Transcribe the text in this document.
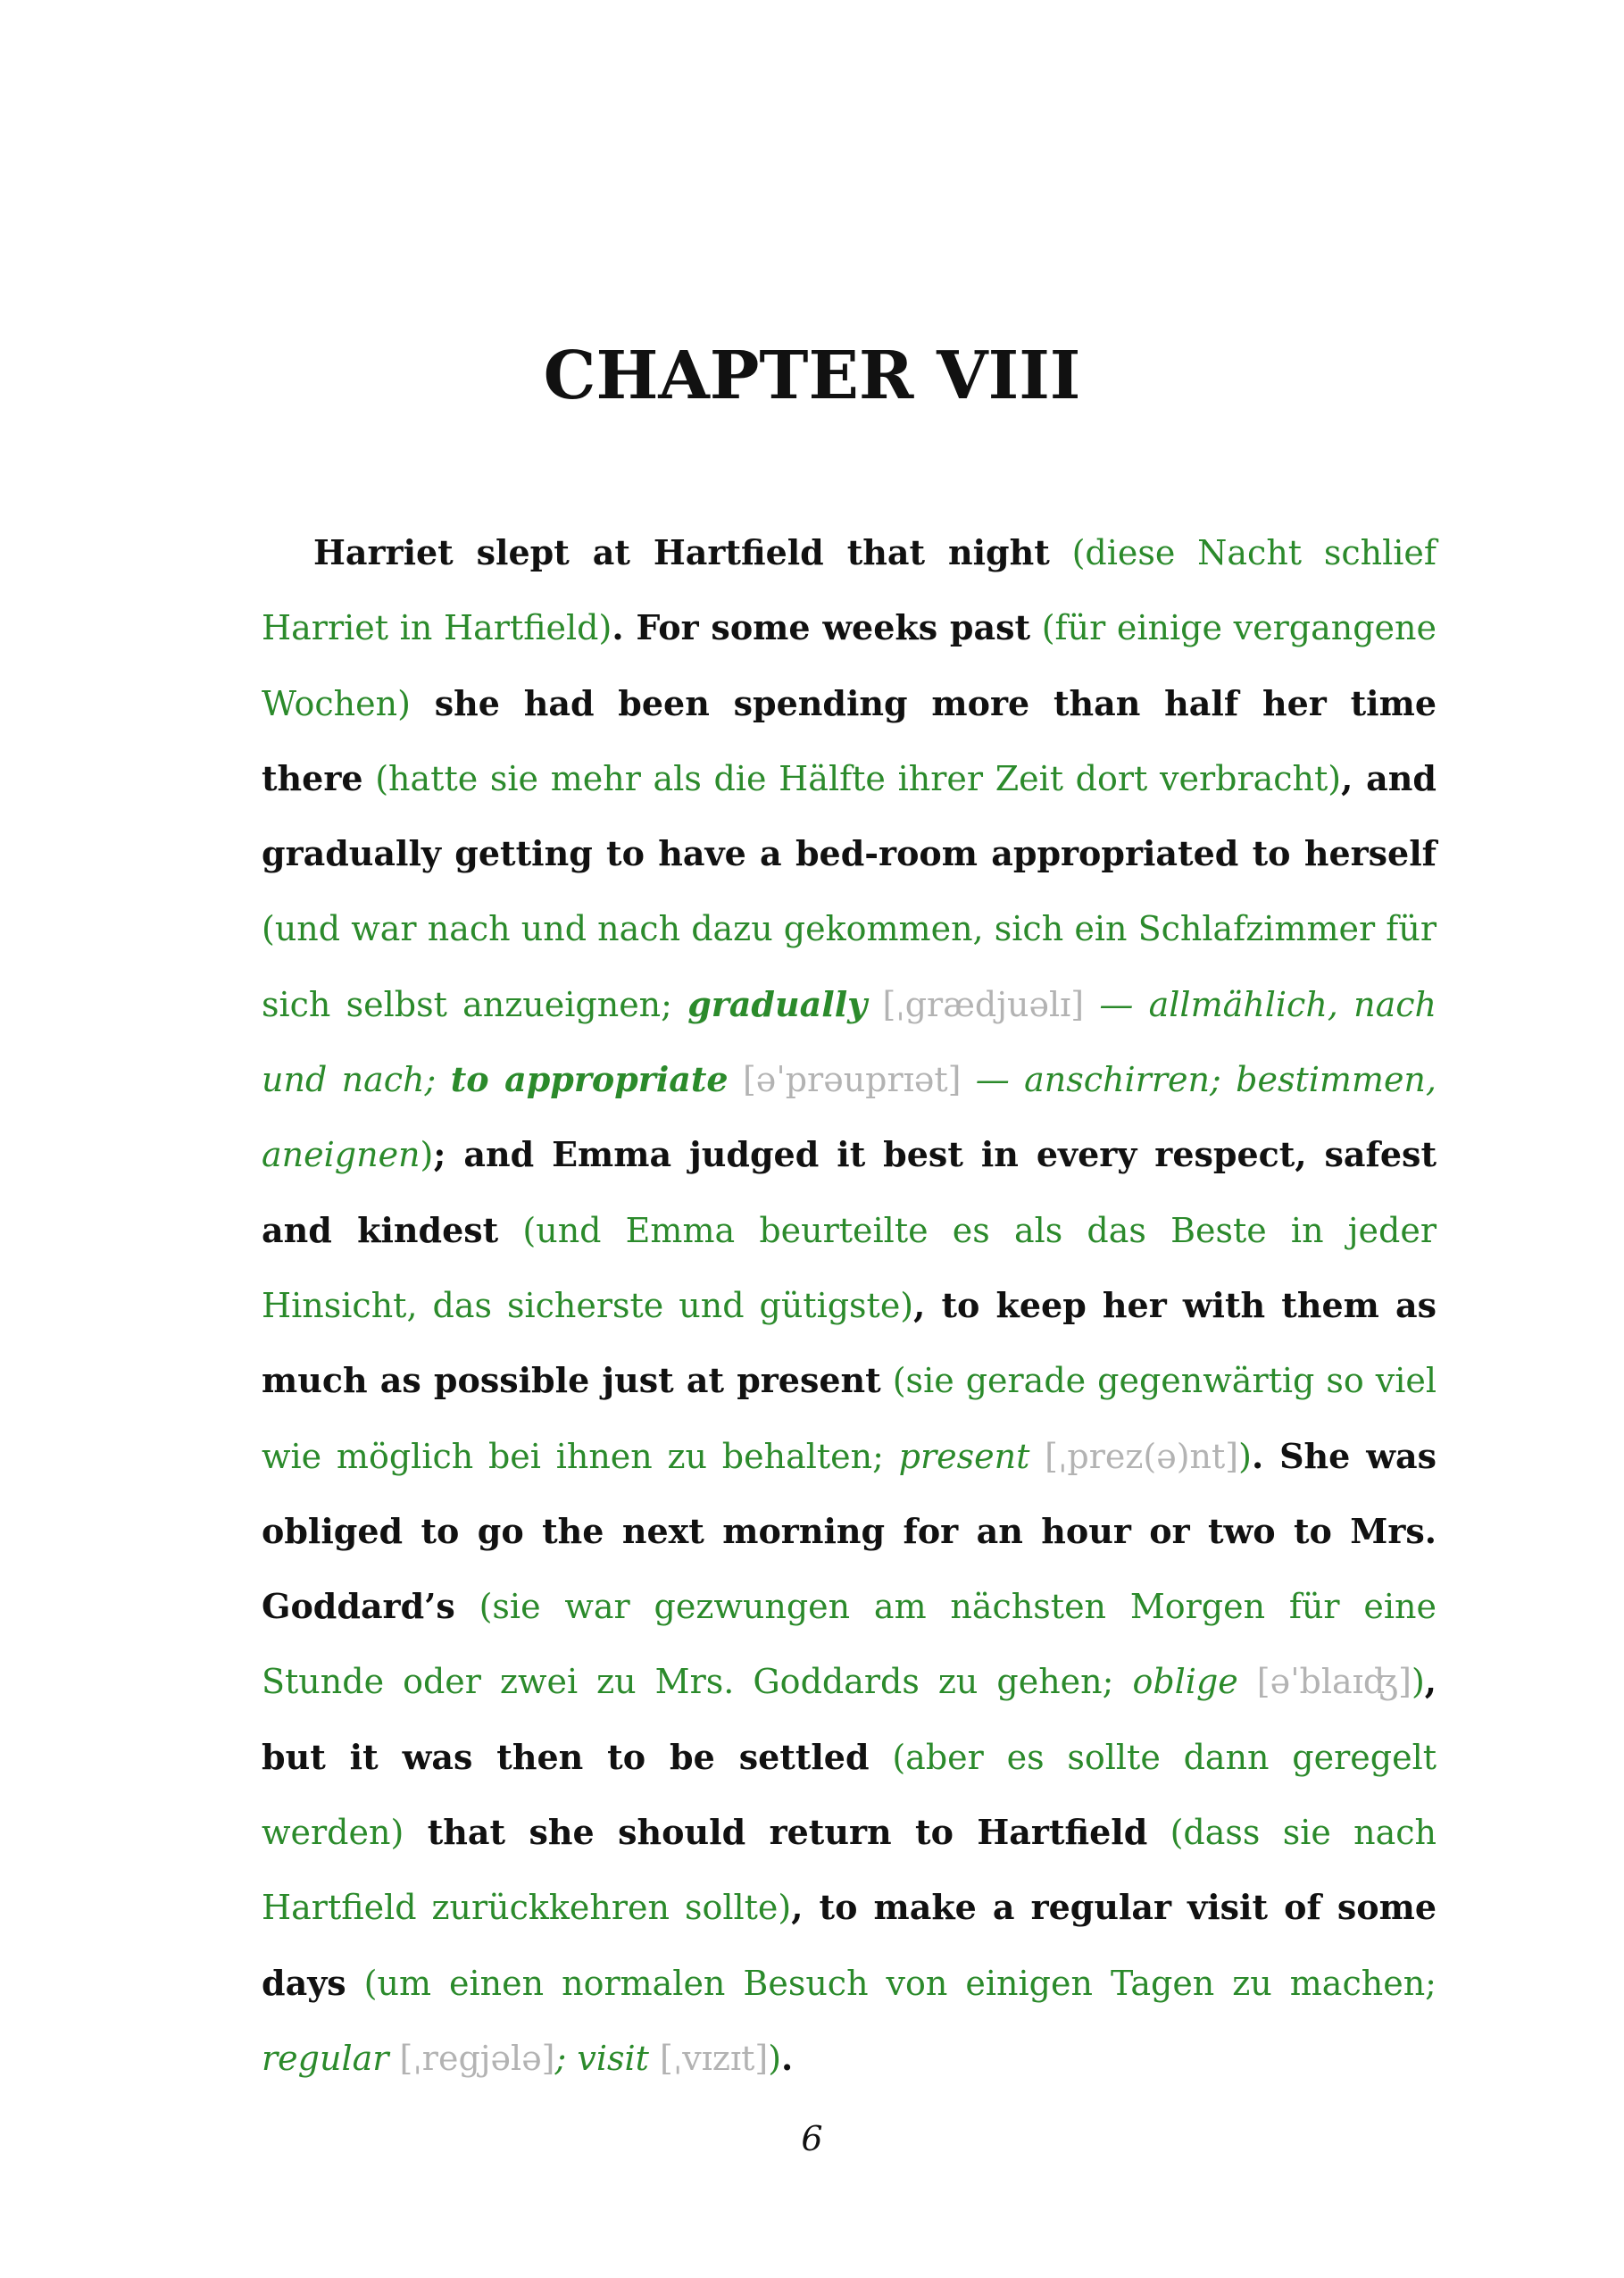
CHAPTER VIII

Harriet slept at Hartfield that night (diese Nacht schlief Harriet in Hartfield). For some weeks past (für einige vergangene Wochen) she had been spending more than half her time there (hatte sie mehr als die Hälfte ihrer Zeit dort verbracht), and gradually getting to have a bed-room appropriated to herself (und war nach und nach dazu gekommen, sich ein Schlafzimmer für sich selbst anzueignen; gradually [ˌgrædjuəlɪ] — allmählich, nach und nach; to appropriate [əˈprəuprɪət] — anschirren; bestimmen, aneignen); and Emma judged it best in every respect, safest and kindest (und Emma beurteilte es als das Beste in jeder Hinsicht, das sicherste und gütigste), to keep her with them as much as possible just at present (sie gerade gegenwärtig so viel wie möglich bei ihnen zu behalten; present [ˌprez(ə)nt]). She was obliged to go the next morning for an hour or two to Mrs. Goddard’s (sie war gezwungen am nächsten Morgen für eine Stunde oder zwei zu Mrs. Goddards zu gehen; oblige [əˈblaɪʤ]), but it was then to be settled (aber es sollte dann geregelt werden) that she should return to Hartfield (dass sie nach Hartfield zurückkehren sollte), to make a regular visit of some days (um einen normalen Besuch von einigen Tagen zu machen; regular [ˌregjələ]; visit [ˌvɪzɪt]).

6
